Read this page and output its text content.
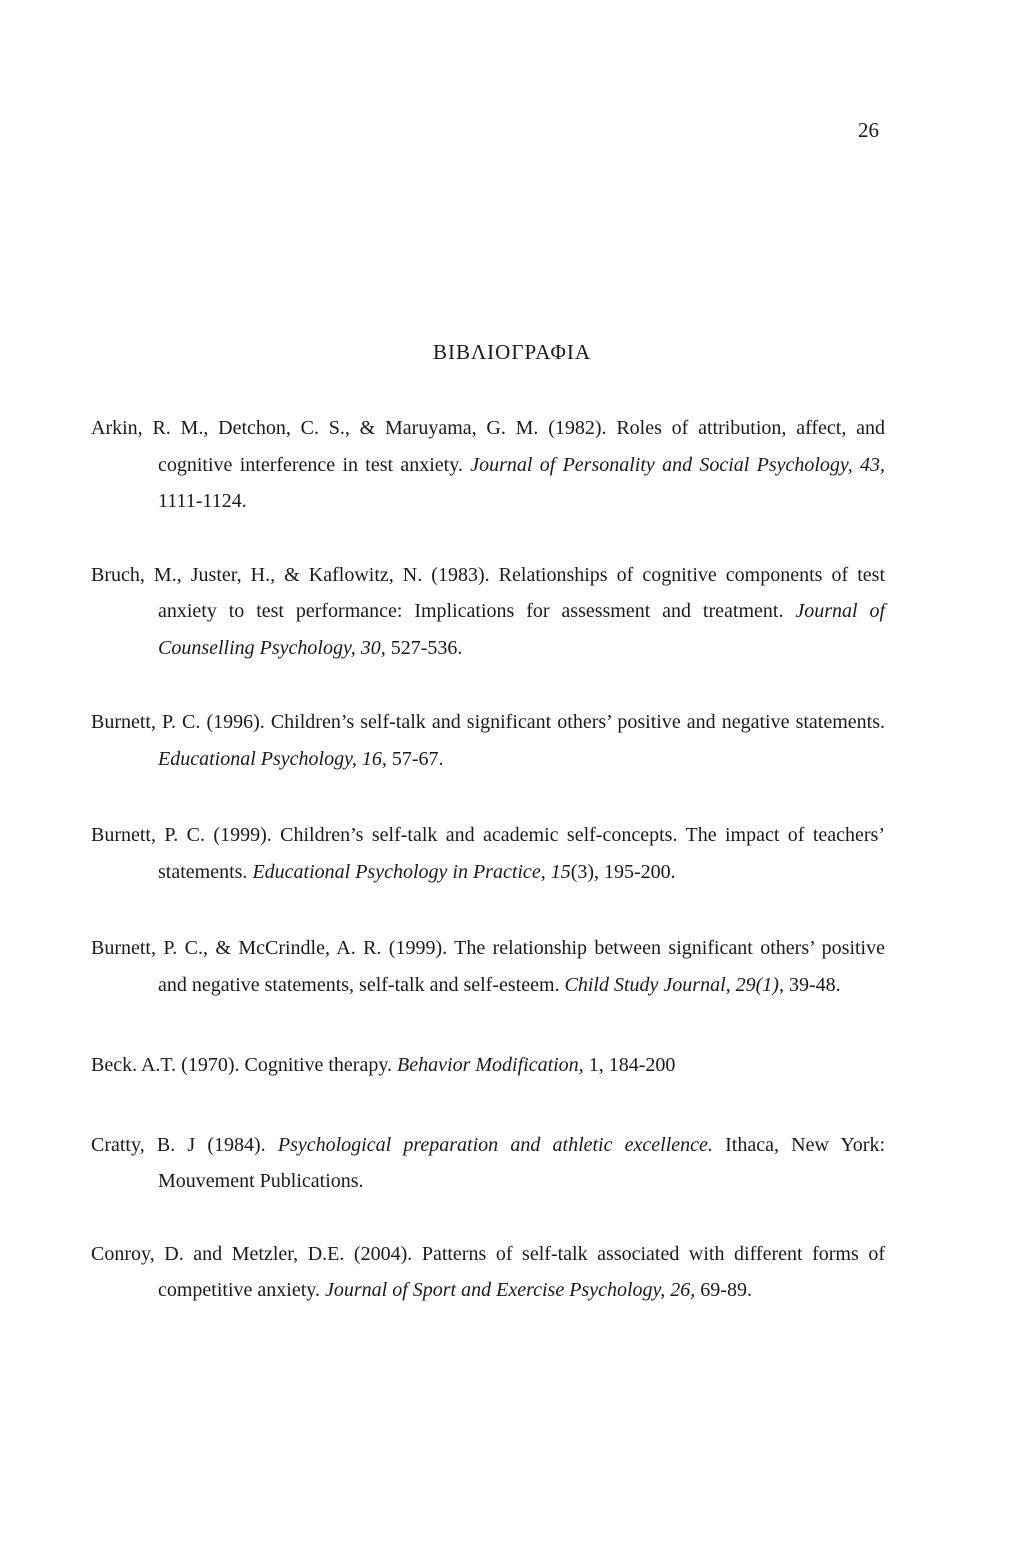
26
ΒΙΒΛΙΟΓΡΑΦΙΑ

Arkin, R. M., Detchon, C. S., & Maruyama, G. M. (1982). Roles of attribution, affect, and cognitive interference in test anxiety. Journal of Personality and Social Psychology, 43, 1111-1124.

Bruch, M., Juster, H., & Kaflowitz, N. (1983). Relationships of cognitive components of test anxiety to test performance: Implications for assessment and treatment. Journal of Counselling Psychology, 30, 527-536.

Burnett, P. C. (1996). Children’s self-talk and significant others’ positive and negative statements. Educational Psychology, 16, 57-67.

Burnett, P. C. (1999). Children’s self-talk and academic self-concepts. The impact of teachers’ statements. Educational Psychology in Practice, 15(3), 195-200.

Burnett, P. C., & McCrindle, A. R. (1999). The relationship between significant others’ positive and negative statements, self-talk and self-esteem. Child Study Journal, 29(1), 39-48.

Beck. A.T. (1970). Cognitive therapy. Behavior Modification, 1, 184-200

Cratty, B. J (1984). Psychological preparation and athletic excellence. Ithaca, New York: Mouvement Publications.

Conroy, D. and Metzler, D.E. (2004). Patterns of self-talk associated with different forms of competitive anxiety. Journal of Sport and Exercise Psychology, 26, 69-89.
